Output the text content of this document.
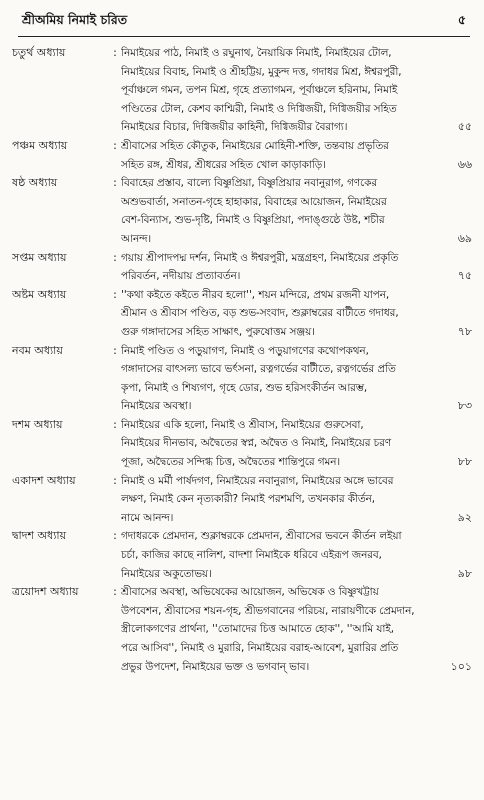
শ্রীঅমিয় নিমাই চরিত	৫
চতুর্থ অধ্যায়	: নিমাইয়ের পাঠ, নিমাই ও রঘুনাথ, নৈয়ায়িক নিমাই, নিমাইয়ের টোল,
নিমাইয়ের বিবাহ, নিমাই ও শ্রীহট্টিয়, মুকুন্দ দত্ত, গদাধর মিশ্র, ঈশ্বরপুরী,
পূর্বাঞ্চলে গমন, তপন মিশ্র, গৃহে প্রত্যাগমন, পূর্বাঞ্চলে হরিনাম, নিমাই
পণ্ডিতের টোল, কেশব কাশ্মিরী, নিমাই ও দিগ্বিজয়ী, দিগ্বিজয়ীর সহিত
নিমাইয়ের বিচার, দিগ্বিজয়ীর কাহিনী, দিগ্বিজয়ীর বৈরাগ্য।	৫৫
পঞ্চম অধ্যায়	: শ্রীবাসের সহিত কৌতুক, নিমাইয়ের মোহিনী-শক্তি, তন্তবায় প্রভৃতির
সহিত রঙ্গ, শ্রীধর, শ্রীধরের সহিত খোল কাড়াকাড়ি।	৬৬
ষষ্ঠ অধ্যায়	: বিবাহের প্রস্তাব, বাল্যে বিষ্ণুপ্রিয়া, বিষ্ণুপ্রিয়ার নবানুরাগ, গণকের
অশুভবার্তা, সনাতন-গৃহে হাহাকার, বিবাহের আয়োজন, নিমাইয়ের
বেশ-বিন্যাস, শুভ-দৃষ্টি, নিমাই ও বিষ্ণুপ্রিয়া, পদাঙ্গুষ্ঠে উষ্ট, শচীর
আনন্দ।	৬৯
সপ্তম অধ্যায়	: গয়ায় শ্রীপাদপদ্ম দর্শন, নিমাই ও ঈশ্বরপুরী, মন্ত্রগ্রহণ, নিমাইয়ের প্রকৃতি
পরিবর্তন, নদীয়ায় প্রত্যাবর্তন।	৭৫
অষ্টম অধ্যায়	: ''কথা কইতে কইতে নীরব হলো'', শয়ন মন্দিরে, প্রথম রজনী যাপন,
শ্রীমান ও শ্রীবাস পণ্ডিত, বড় শুভ-সংবাদ, শুক্লাম্বরের বাটীতে গদাধর,
গুরু গঙ্গাদাসের সহিত সাক্ষাৎ, পুরুষোত্তম সঞ্জয়।	৭৮
নবম অধ্যায়	: নিমাই পণ্ডিত ও পড়ুয়াগণ, নিমাই ও পড়ুয়াগণের কথোপকথন,
গঙ্গাদাসের বাৎসল্য ভাবে ভর্ৎসনা, রত্নগর্ভের বাটীতে, রত্নগর্ভের প্রতি
কৃপা, নিমাই ও শিষ্যগণ, গৃহে ডোর, শুভ হরিসংকীর্তন আরম্ভ,
নিমাইয়ের অবস্থা।	৮৩
দশম অধ্যায়	: নিমাইয়ের একি হলো, নিমাই ও শ্রীবাস, নিমাইয়ের গুরুসেবা,
নিমাইয়ের দীনভাব, অদ্বৈতের স্বপ্ন, অদ্বৈত ও নিমাই, নিমাইয়ের চরণ
পূজা, অদ্বৈতের সন্দিগ্ধ চিত্ত, অদ্বৈতের শান্তিপুরে গমন।	৮৮
একাদশ অধ্যায়	: নিমাই ও মর্মী পার্ষদগণ, নিমাইয়ের নবানুরাগ, নিমাইয়ের অঙ্গে ভাবের
লক্ষণ, নিমাই কেন নৃত্যকারী? নিমাই পরশমণি, তখনকার কীর্তন,
নামে আনন্দ।	৯২
দ্বাদশ অধ্যায়	: গদাধরকে প্রেমদান, শুক্লাম্বরকে প্রেমদান, শ্রীবাসের ভবনে কীর্তন লইয়া
চর্চা, কাজির কাছে নালিশ, বাদশা নিমাইকে ধরিবে এইরূপ জনরব,
নিমাইয়ের অকুতোভয়।	৯৮
ত্রয়োদশ অধ্যায়	: শ্রীবাসের অবস্থা, অভিষেকের আয়োজন, অভিষেক ও বিষ্ণুখট্টায়
উপবেশন, শ্রীবাসের শয়ন-গৃহ, শ্রীভগবানের পরিচয়, নারায়ণীকে প্রেমদান,
স্ত্রীলোকগণের প্রার্থনা, ''তোমাদের চিত্ত আমাতে হোক'', ''আমি যাই,
পরে আসিব'', নিমাই ও মুরারি, নিমাইয়ের বরাহ-আবেশ, মুরারির প্রতি
প্রভুর উপদেশ, নিমাইয়ের ভক্ত ও ভগবান্ ভাব।	১০১
